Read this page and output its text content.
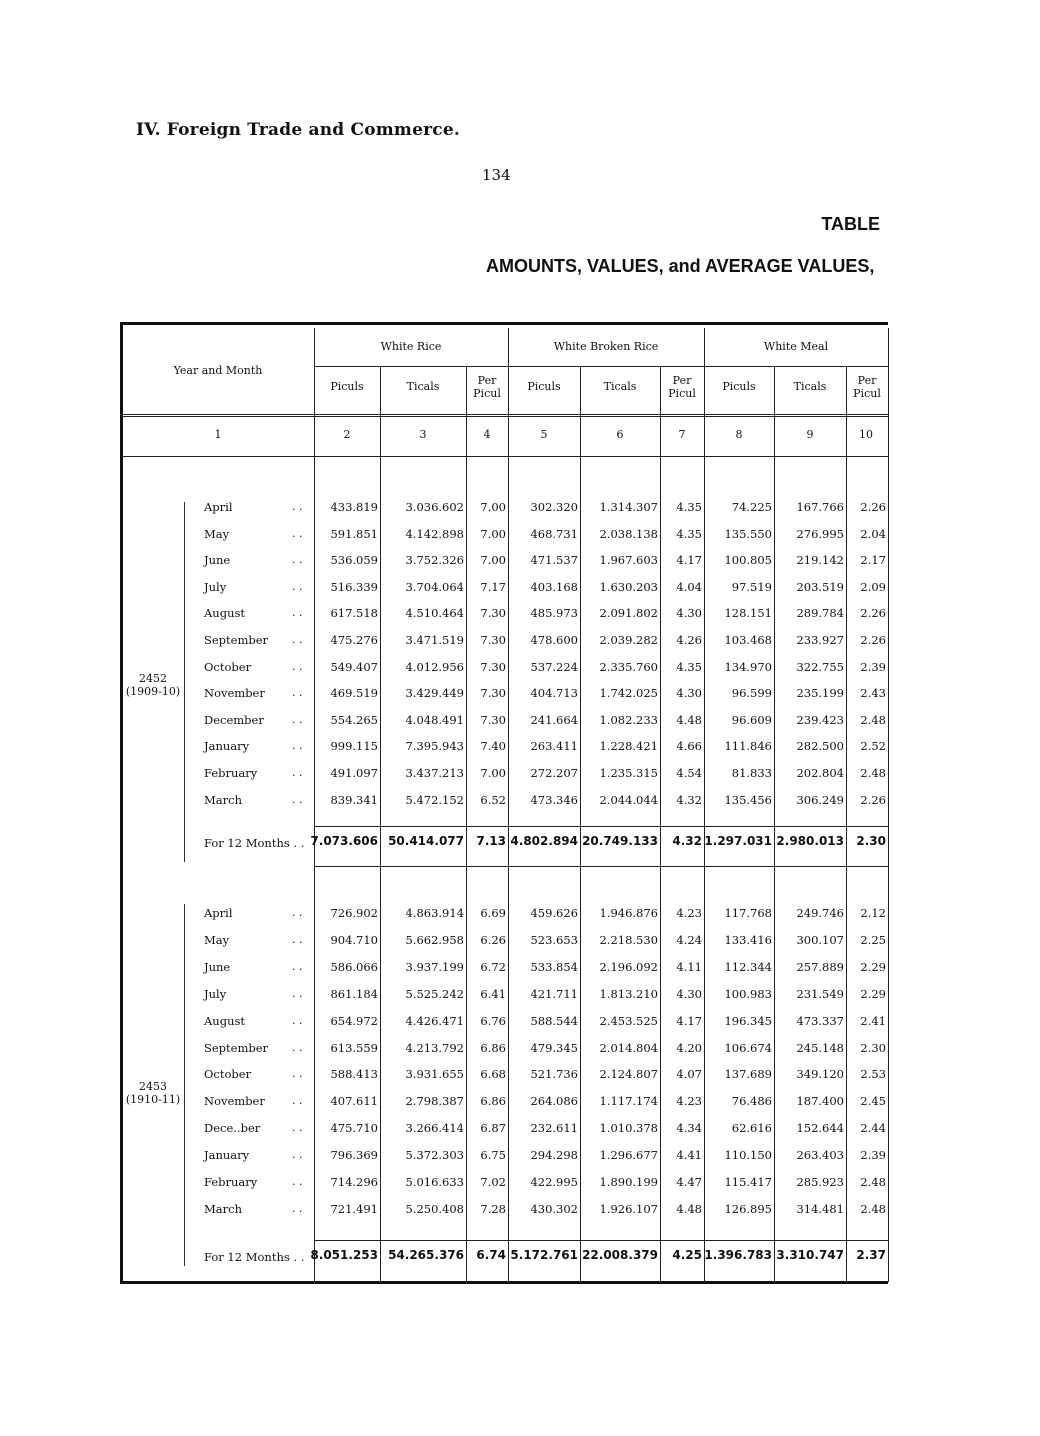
IV. Foreign Trade and Commerce.
134
TABLE
AMOUNTS, VALUES, and AVERAGE VALUES,
Year and Month
White Rice	White Broken Rice	White Meal
Piculs	Ticals	Per Picul
Piculs	Ticals	Per Picul
Piculs	Ticals	Per Picul
1	2	3	4	5	6	7	8	9	10
2452
(1909-10)
April	. . 433.819 3.036.602 7.00 302.320 1.314.307 4.35	74.225 167.766 2.26
May	. . 591.851 4.142.898 7.00 468.731 2.038.138 4.35 135.550 276.995 2.04
June	. . 536.059 3.752.326 7.00 471.537 1.967.603 4.17 100.805 219.142 2.17
July	. . 516.339 3.704.064 7.17 403.168 1.630.203 4.04	97.519 203.519 2.09
August	. . 617.518 4.510.464 7.30 485.973 2.091.802 4.30 128.151 289.784 2.26
September . . 475.276 3.471.519 7.30 478.600 2.039.282 4.26 103.468 233.927 2.26
October	. . 549.407 4.012.956 7.30 537.224 2.335.760 4.35 134.970 322.755 2.39
November . . 469.519 3.429.449 7.30 404.713 1.742.025 4.30	96.599 235.199 2.43
December	. . 554.265 4.048.491 7.30 241.664 1.082.233 4.48	96.609 239.423 2.48
January	. . 999.115 7.395.943 7.40 263.411 1.228.421 4.66 111.846 282.500 2.52
February	. . 491.097 3.437.213 7.00 272.207 1.235.315 4.54	81.833 202.804 2.48
March	. . 839.341 5.472.152 6.52 473.346 2.044.044 4.32 135.456 306.249 2.26
For 12 Months . . 7.073.606 50.414.077 7.13 4.802.894 20.749.133 4.32 1.297.031 2.980.013 2.30
2453
(1910-11)
April	. . 726.902 4.863.914 6.69 459.626 1.946.876 4.23 117.768 249.746 2.12
May	. . 904.710 5.662.958 6.26 523.653 2.218.530 4.24 133.416 300.107 2.25
June	. . 586.066 3.937.199 6.72 533.854 2.196.092 4.11 112.344 257.889 2.29
July	. . 861.184 5.525.242 6.41 421.711 1.813.210 4.30 100.983 231.549 2.29
August	. . 654.972 4.426.471 6.76 588.544 2.453.525 4.17 196.345 473.337 2.41
September . . 613.559 4.213.792 6.86 479.345 2.014.804 4.20 106.674 245.148 2.30
October	. . 588.413 3.931.655 6.68 521.736 2.124.807 4.07 137.689 349.120 2.53
November . . 407.611 2.798.387 6.86 264.086 1.117.174 4.23	76.486 187.400 2.45
Dece..ber	. . 475.710 3.266.414 6.87 232.611 1.010.378 4.34	62.616 152.644 2.44
January	. . 796.369 5.372.303 6.75 294.298 1.296.677 4.41 110.150 263.403 2.39
February	. . 714.296 5.016.633 7.02 422.995 1.890.199 4.47 115.417 285.923 2.48
March	. . 721.491 5.250.408 7.28 430.302 1.926.107 4.48 126.895 314.481 2.48
For 12 Months . . 8.051.253 54.265.376 6.74 5.172.761 22.008.379 4.25 1.396.783 3.310.747 2.37
